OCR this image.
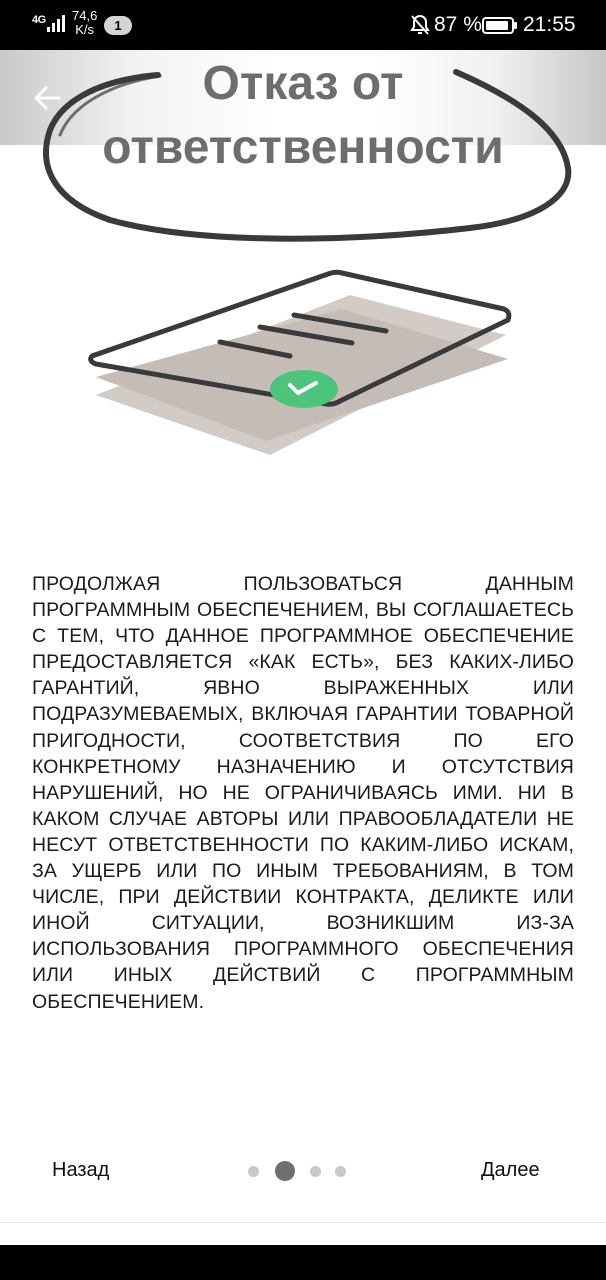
4G 74,6
K/s	1	87 % 21:55
Отказ от ответственности

ПРОДОЛЖАЯ ПОЛЬЗОВАТЬСЯ ДАННЫМ ПРОГРАММНЫМ ОБЕСПЕЧЕНИЕМ, ВЫ СОГЛАШАЕТЕСЬ С ТЕМ, ЧТО ДАННОЕ ПРОГРАММНОЕ ОБЕСПЕЧЕНИЕ ПРЕДОСТАВЛЯЕТСЯ «КАК ЕСТЬ», БЕЗ КАКИХ-ЛИБО ГАРАНТИЙ, ЯВНО ВЫРАЖЕННЫХ ИЛИ ПОДРАЗУМЕВАЕМЫХ, ВКЛЮЧАЯ ГАРАНТИИ ТОВАРНОЙ ПРИГОДНОСТИ, СООТВЕТСТВИЯ ПО ЕГО КОНКРЕТНОМУ НАЗНАЧЕНИЮ И ОТСУТСТВИЯ НАРУШЕНИЙ, НО НЕ ОГРАНИЧИВАЯСЬ ИМИ. НИ В КАКОМ СЛУЧАЕ АВТОРЫ ИЛИ ПРАВООБЛАДАТЕЛИ НЕ НЕСУТ ОТВЕТСТВЕННОСТИ ПО КАКИМ-ЛИБО ИСКАМ, ЗА УЩЕРБ ИЛИ ПО ИНЫМ ТРЕБОВАНИЯМ, В ТОМ ЧИСЛЕ, ПРИ ДЕЙСТВИИ КОНТРАКТА, ДЕЛИКТЕ ИЛИ ИНОЙ СИТУАЦИИ, ВОЗНИКШИМ ИЗ-ЗА ИСПОЛЬЗОВАНИЯ ПРОГРАММНОГО ОБЕСПЕЧЕНИЯ ИЛИ ИНЫХ ДЕЙСТВИЙ С ПРОГРАММНЫМ ОБЕСПЕЧЕНИЕМ.

Назад	Далее
